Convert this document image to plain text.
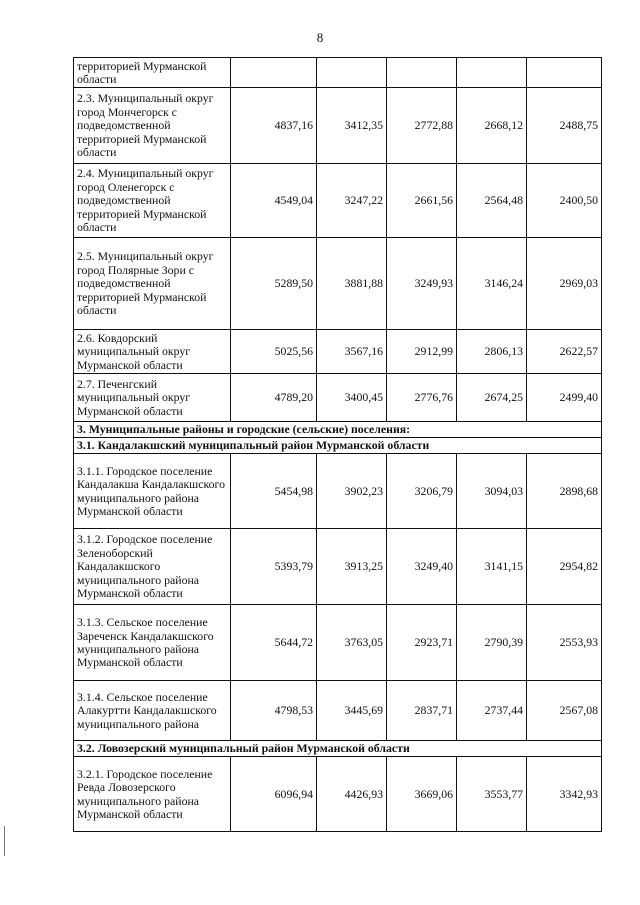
8
территорией Мурманской области					
2.3. Муниципальный округ город Мончегорск с подведомственной территорией Мурманской области	4837,16	3412,35	2772,88	2668,12	2488,75
2.4. Муниципальный округ город Оленегорск с подведомственной территорией Мурманской области	4549,04	3247,22	2661,56	2564,48	2400,50
2.5. Муниципальный округ город Полярные Зори с подведомственной территорией Мурманской области	5289,50	3881,88	3249,93	3146,24	2969,03
2.6. Ковдорский муниципальный округ Мурманской области	5025,56	3567,16	2912,99	2806,13	2622,57
2.7. Печенгский муниципальный округ Мурманской области	4789,20	3400,45	2776,76	2674,25	2499,40
3. Муниципальные районы и городские (сельские) поселения:					
3.1. Кандалакшский муниципальный район Мурманской области					
3.1.1. Городское поселение Кандалакша Кандалакшского муниципального района Мурманской области	5454,98	3902,23	3206,79	3094,03	2898,68
3.1.2. Городское поселение Зеленоборский Кандалакшского муниципального района Мурманской области	5393,79	3913,25	3249,40	3141,15	2954,82
3.1.3. Сельское поселение Зареченск Кандалакшского муниципального района Мурманской области	5644,72	3763,05	2923,71	2790,39	2553,93
3.1.4. Сельское поселение Алакуртти Кандалакшского муниципального района	4798,53	3445,69	2837,71	2737,44	2567,08
3.2. Ловозерский муниципальный район Мурманской области					
3.2.1. Городское поселение Ревда Ловозерского муниципального района Мурманской области	6096,94	4426,93	3669,06	3553,77	3342,93
